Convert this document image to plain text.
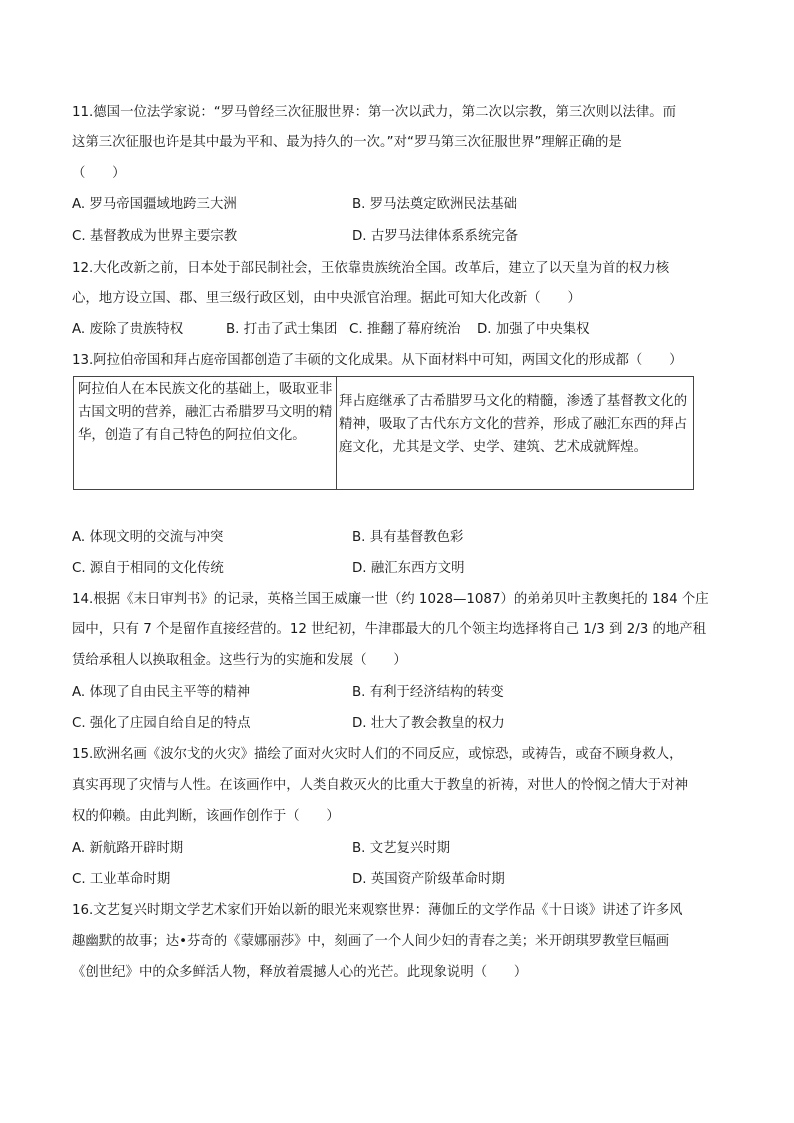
11.德国一位法学家说：“罗马曾经三次征服世界：第一次以武力，第二次以宗教，第三次则以法律。而
这第三次征服也许是其中最为平和、最为持久的一次。”对“罗马第三次征服世界”理解正确的是
（　　）
A. 罗马帝国疆域地跨三大洲	B. 罗马法奠定欧洲民法基础
C. 基督教成为世界主要宗教	D. 古罗马法律体系系统完备
12.大化改新之前，日本处于部民制社会，王依靠贵族统治全国。改革后，建立了以天皇为首的权力核
心，地方设立国、郡、里三级行政区划，由中央派官治理。据此可知大化改新（　　）
A. 废除了贵族特权	B. 打击了武士集团 C. 推翻了幕府统治 D. 加强了中央集权
13.阿拉伯帝国和拜占庭帝国都创造了丰硕的文化成果。从下面材料中可知，两国文化的形成都（　　）
阿拉伯人在本民族文化的基础上，吸取亚非古国文明的营养，融汇古希腊罗马文明的精华，创造了有自己特色的阿拉伯文化。
拜占庭继承了古希腊罗马文化的精髓，渗透了基督教文化的精神，吸取了古代东方文化的营养，形成了融汇东西的拜占庭文化，尤其是文学、史学、建筑、艺术成就辉煌。
A. 体现文明的交流与冲突	B. 具有基督教色彩
C. 源自于相同的文化传统	D. 融汇东西方文明
14.根据《末日审判书》的记录，英格兰国王威廉一世（约 1028—1087）的弟弟贝叶主教奥托的 184 个庄
园中，只有 7 个是留作直接经营的。12 世纪初，牛津郡最大的几个领主均选择将自己 1/3 到 2/3 的地产租
赁给承租人以换取租金。这些行为的实施和发展（　　）
A. 体现了自由民主平等的精神	B. 有利于经济结构的转变
C. 强化了庄园自给自足的特点	D. 壮大了教会教皇的权力
15.欧洲名画《波尔戈的火灾》描绘了面对火灾时人们的不同反应，或惊恐，或祷告，或奋不顾身救人，
真实再现了灾情与人性。在该画作中，人类自救灭火的比重大于教皇的祈祷，对世人的怜悯之情大于对神
权的仰赖。由此判断，该画作创作于（　　）
A. 新航路开辟时期	B. 文艺复兴时期
C. 工业革命时期	D. 英国资产阶级革命时期
16.文艺复兴时期文学艺术家们开始以新的眼光来观察世界：薄伽丘的文学作品《十日谈》讲述了许多风
趣幽默的故事；达•芬奇的《蒙娜丽莎》中，刻画了一个人间少妇的青春之美；米开朗琪罗教堂巨幅画
《创世纪》中的众多鲜活人物，释放着震撼人心的光芒。此现象说明（　　）
